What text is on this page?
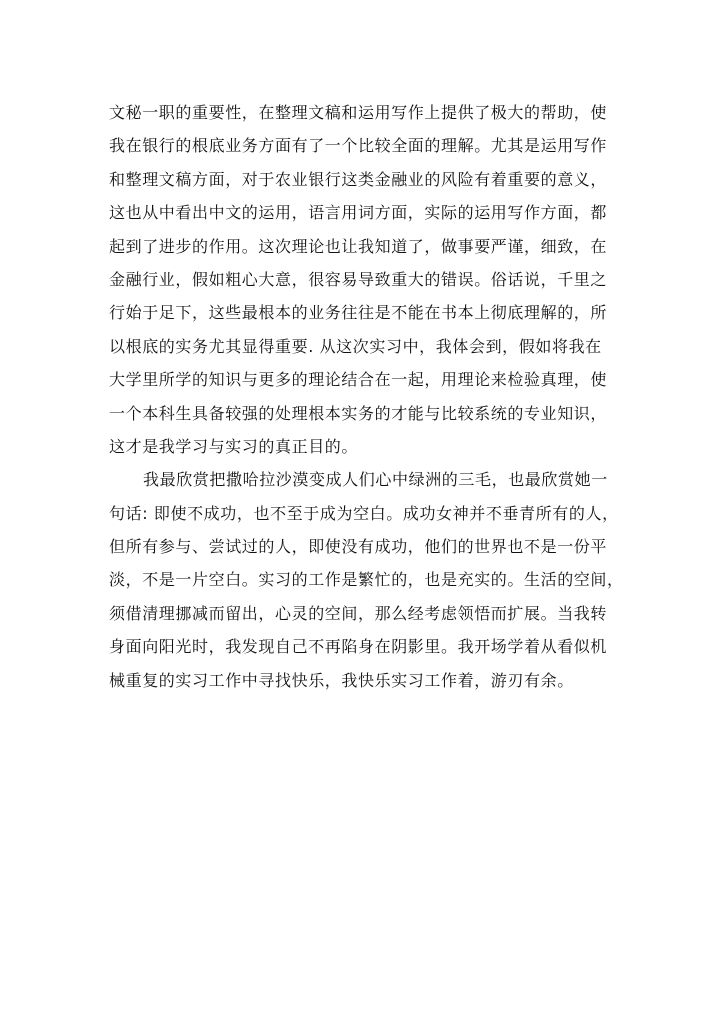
文秘一职的重要性，在整理文稿和运用写作上提供了极大的帮助，使
我在银行的根底业务方面有了一个比较全面的理解。尤其是运用写作
和整理文稿方面，对于农业银行这类金融业的风险有着重要的意义，
这也从中看出中文的运用，语言用词方面，实际的运用写作方面，都
起到了进步的作用。这次理论也让我知道了，做事要严谨，细致，在
金融行业，假如粗心大意，很容易导致重大的错误。俗话说，千里之
行始于足下，这些最根本的业务往往是不能在书本上彻底理解的，所
以根底的实务尤其显得重要. 从这次实习中，我体会到，假如将我在
大学里所学的知识与更多的理论结合在一起，用理论来检验真理，使
一个本科生具备较强的处理根本实务的才能与比较系统的专业知识，
这才是我学习与实习的真正目的。
我最欣赏把撒哈拉沙漠变成人们心中绿洲的三毛，也最欣赏她一
句话: 即使不成功，也不至于成为空白。成功女神并不垂青所有的人，
但所有参与、尝试过的人，即使没有成功，他们的世界也不是一份平
淡，不是一片空白。实习的工作是繁忙的，也是充实的。生活的空间，
须借清理挪减而留出，心灵的空间，那么经考虑领悟而扩展。当我转
身面向阳光时，我发现自己不再陷身在阴影里。我开场学着从看似机
械重复的实习工作中寻找快乐，我快乐实习工作着，游刃有余。
